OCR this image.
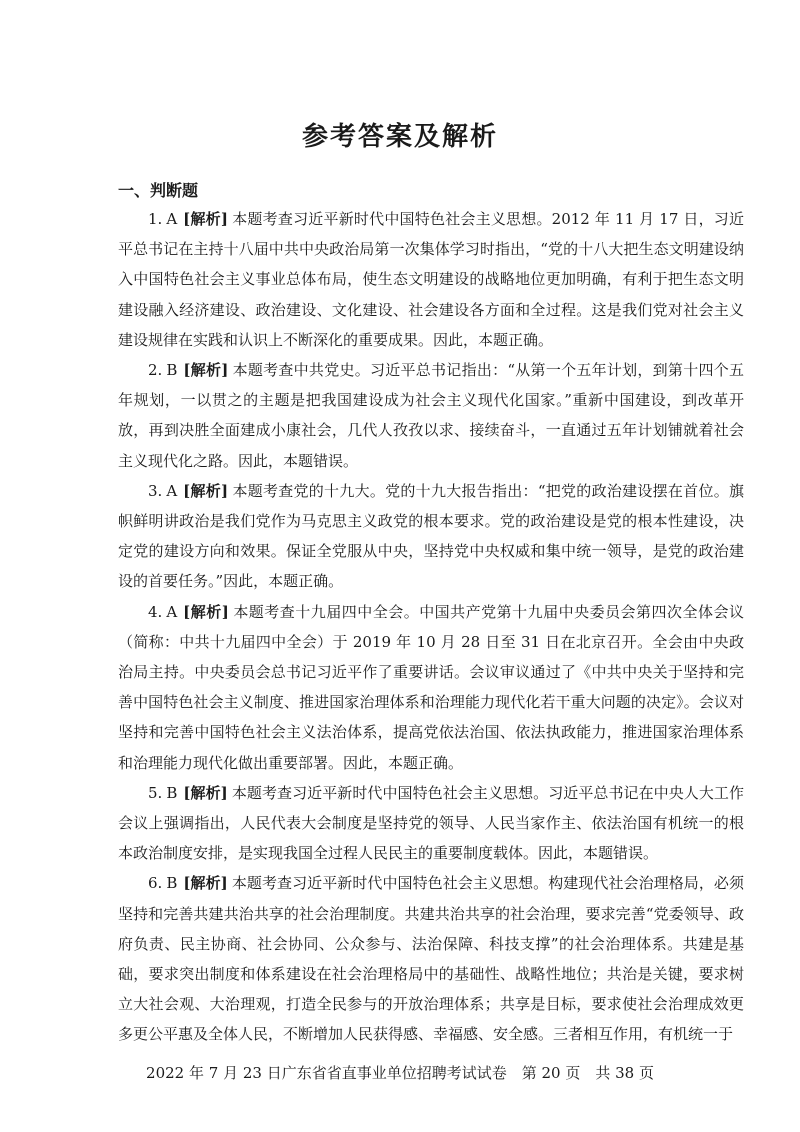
参考答案及解析
一、判断题

1. A [解析] 本题考查习近平新时代中国特色社会主义思想。2012 年 11 月 17 日，习近平总书记在主持十八届中共中央政治局第一次集体学习时指出，“党的十八大把生态文明建设纳入中国特色社会主义事业总体布局，使生态文明建设的战略地位更加明确，有利于把生态文明建设融入经济建设、政治建设、文化建设、社会建设各方面和全过程。这是我们党对社会主义建设规律在实践和认识上不断深化的重要成果。因此，本题正确。

2. B [解析] 本题考查中共党史。习近平总书记指出：“从第一个五年计划，到第十四个五年规划，一以贯之的主题是把我国建设成为社会主义现代化国家。”重新中国建设，到改革开放，再到决胜全面建成小康社会，几代人孜孜以求、接续奋斗，一直通过五年计划铺就着社会主义现代化之路。因此，本题错误。

3. A [解析] 本题考查党的十九大。党的十九大报告指出：“把党的政治建设摆在首位。旗帜鲜明讲政治是我们党作为马克思主义政党的根本要求。党的政治建设是党的根本性建设，决定党的建设方向和效果。保证全党服从中央，坚持党中央权威和集中统一领导，是党的政治建设的首要任务。”因此，本题正确。

4. A [解析] 本题考查十九届四中全会。中国共产党第十九届中央委员会第四次全体会议（简称：中共十九届四中全会）于 2019 年 10 月 28 日至 31 日在北京召开。全会由中央政治局主持。中央委员会总书记习近平作了重要讲话。会议审议通过了《中共中央关于坚持和完善中国特色社会主义制度、推进国家治理体系和治理能力现代化若干重大问题的决定》。会议对坚持和完善中国特色社会主义法治体系，提高党依法治国、依法执政能力，推进国家治理体系和治理能力现代化做出重要部署。因此，本题正确。

5. B [解析] 本题考查习近平新时代中国特色社会主义思想。习近平总书记在中央人大工作会议上强调指出，人民代表大会制度是坚持党的领导、人民当家作主、依法治国有机统一的根本政治制度安排，是实现我国全过程人民民主的重要制度载体。因此，本题错误。

6. B [解析] 本题考查习近平新时代中国特色社会主义思想。构建现代社会治理格局，必须坚持和完善共建共治共享的社会治理制度。共建共治共享的社会治理，要求完善“党委领导、政府负责、民主协商、社会协同、公众参与、法治保障、科技支撑”的社会治理体系。共建是基础，要求突出制度和体系建设在社会治理格局中的基础性、战略性地位；共治是关键，要求树立大社会观、大治理观，打造全民参与的开放治理体系；共享是目标，要求使社会治理成效更多更公平惠及全体人民，不断增加人民获得感、幸福感、安全感。三者相互作用，有机统一于

2022 年 7 月 23 日广东省省直事业单位招聘考试试卷　第 20 页　共 38 页
